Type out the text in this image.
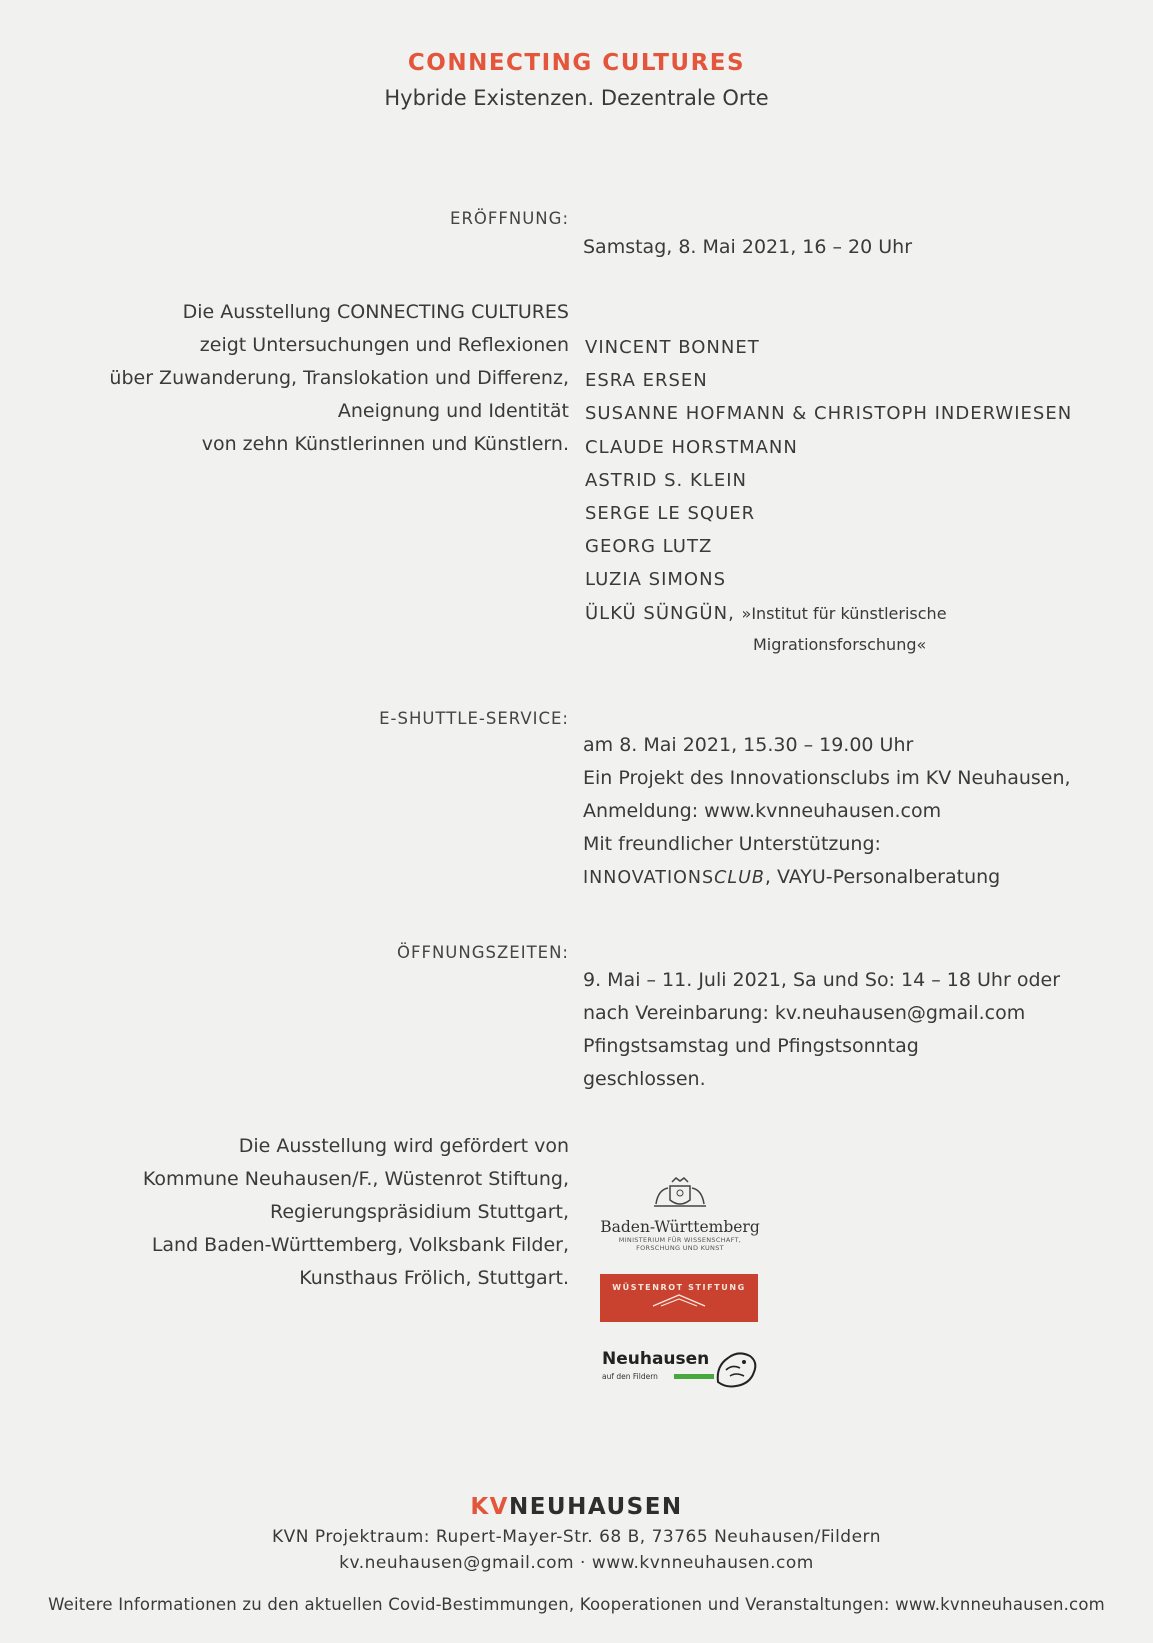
CONNECTING CULTURES
Hybride Existenzen. Dezentrale Orte
ERÖFFNUNG:
Samstag, 8. Mai 2021, 16 – 20 Uhr
Die Ausstellung CONNECTING CULTURES
zeigt Untersuchungen und Reflexionen
über Zuwanderung, Translokation und Differenz,
Aneignung und Identität
von zehn Künstlerinnen und Künstlern.
VINCENT BONNET
ESRA ERSEN
SUSANNE HOFMANN & CHRISTOPH INDERWIESEN
CLAUDE HORSTMANN
ASTRID S. KLEIN
SERGE LE SQUER
GEORG LUTZ
LUZIA SIMONS
ÜLKÜ SÜNGÜN, »Institut für künstlerische
Migrationsforschung«
E-SHUTTLE-SERVICE:
am 8. Mai 2021, 15.30 – 19.00 Uhr
Ein Projekt des Innovationsclubs im KV Neuhausen,
Anmeldung: www.kvnneuhausen.com
Mit freundlicher Unterstützung:
INNOVATIONSCLUB, VAYU-Personalberatung
ÖFFNUNGSZEITEN:
9. Mai – 11. Juli 2021, Sa und So: 14 – 18 Uhr oder
nach Vereinbarung: kv.neuhausen@gmail.com
Pfingstsamstag und Pfingstsonntag
geschlossen.
Die Ausstellung wird gefördert von
Kommune Neuhausen/F., Wüstenrot Stiftung,
Regierungspräsidium Stuttgart,
Land Baden-Württemberg, Volksbank Filder,
Kunsthaus Frölich, Stuttgart.
Baden-Württemberg
MINISTERIUM FÜR WISSENSCHAFT,
FORSCHUNG UND KUNST
WÜSTENROT STIFTUNG
Neuhausen
auf den Fildern
KVNEUHAUSEN
KVN Projektraum: Rupert-Mayer-Str. 68 B, 73765 Neuhausen/Fildern
kv.neuhausen@gmail.com · www.kvnneuhausen.com
Weitere Informationen zu den aktuellen Covid-Bestimmungen, Kooperationen und Veranstaltungen: www.kvnneuhausen.com
